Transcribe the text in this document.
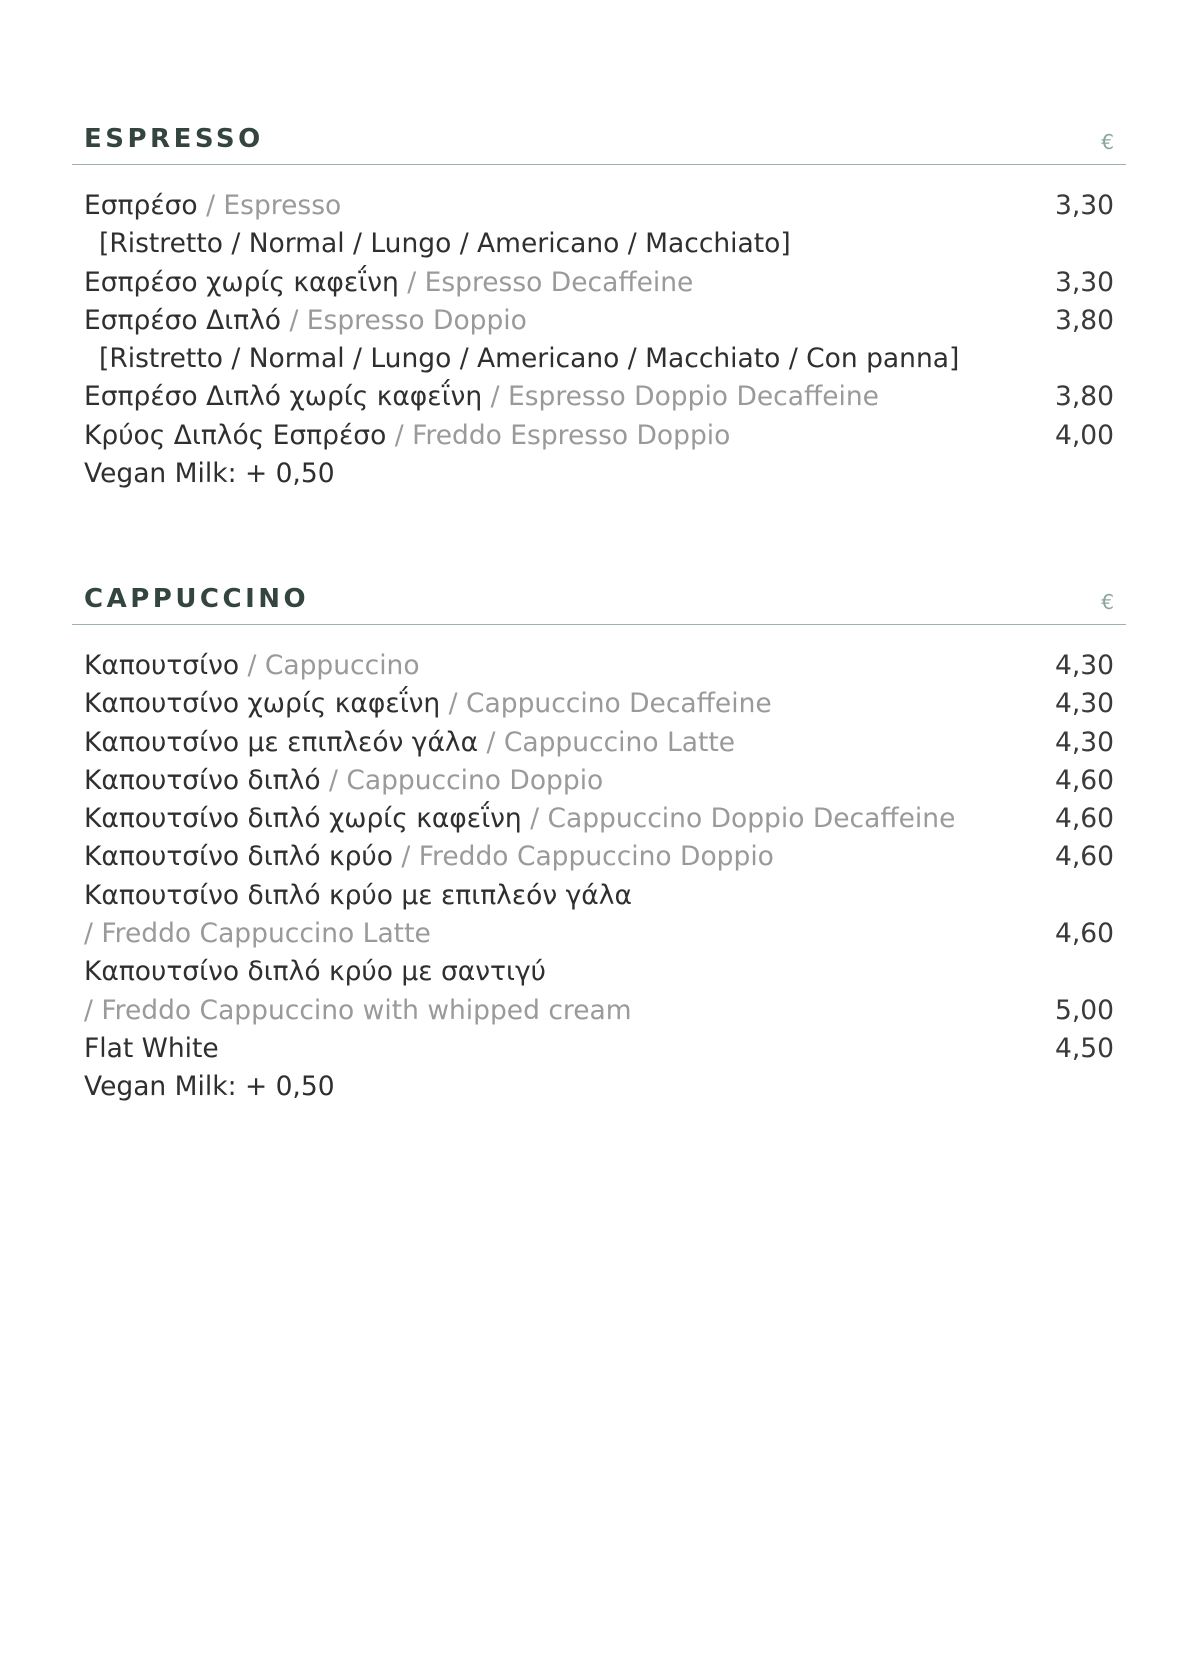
ESPRESSO	€
Εσπρέσο / Espresso	3,30
[Ristretto / Normal / Lungo / Americano / Macchiato]
Εσπρέσο χωρίς καφεΐνη / Espresso Decaffeine	3,30
Εσπρέσο Διπλό / Espresso Doppio	3,80
[Ristretto / Normal / Lungo / Americano / Macchiato / Con panna]
Εσπρέσο Διπλό χωρίς καφεΐνη / Espresso Doppio Decaffeine	3,80
Κρύος Διπλός Εσπρέσο / Freddo Espresso Doppio	4,00
Vegan Milk: + 0,50
CAPPUCCINO	€
Καπουτσίνο / Cappuccino	4,30
Καπουτσίνο χωρίς καφεΐνη / Cappuccino Decaffeine	4,30
Καπουτσίνο με επιπλεόν γάλα / Cappuccino Latte	4,30
Καπουτσίνο διπλό / Cappuccino Doppio	4,60
Καπουτσίνο διπλό χωρίς καφεΐνη / Cappuccino Doppio Decaffeine	4,60
Καπουτσίνο διπλό κρύο / Freddo Cappuccino Doppio	4,60
Καπουτσίνο διπλό κρύο με επιπλεόν γάλα
/ Freddo Cappuccino Latte	4,60
Καπουτσίνο διπλό κρύο με σαντιγύ
/ Freddo Cappuccino with whipped cream	5,00
Flat White	4,50
Vegan Milk: + 0,50
